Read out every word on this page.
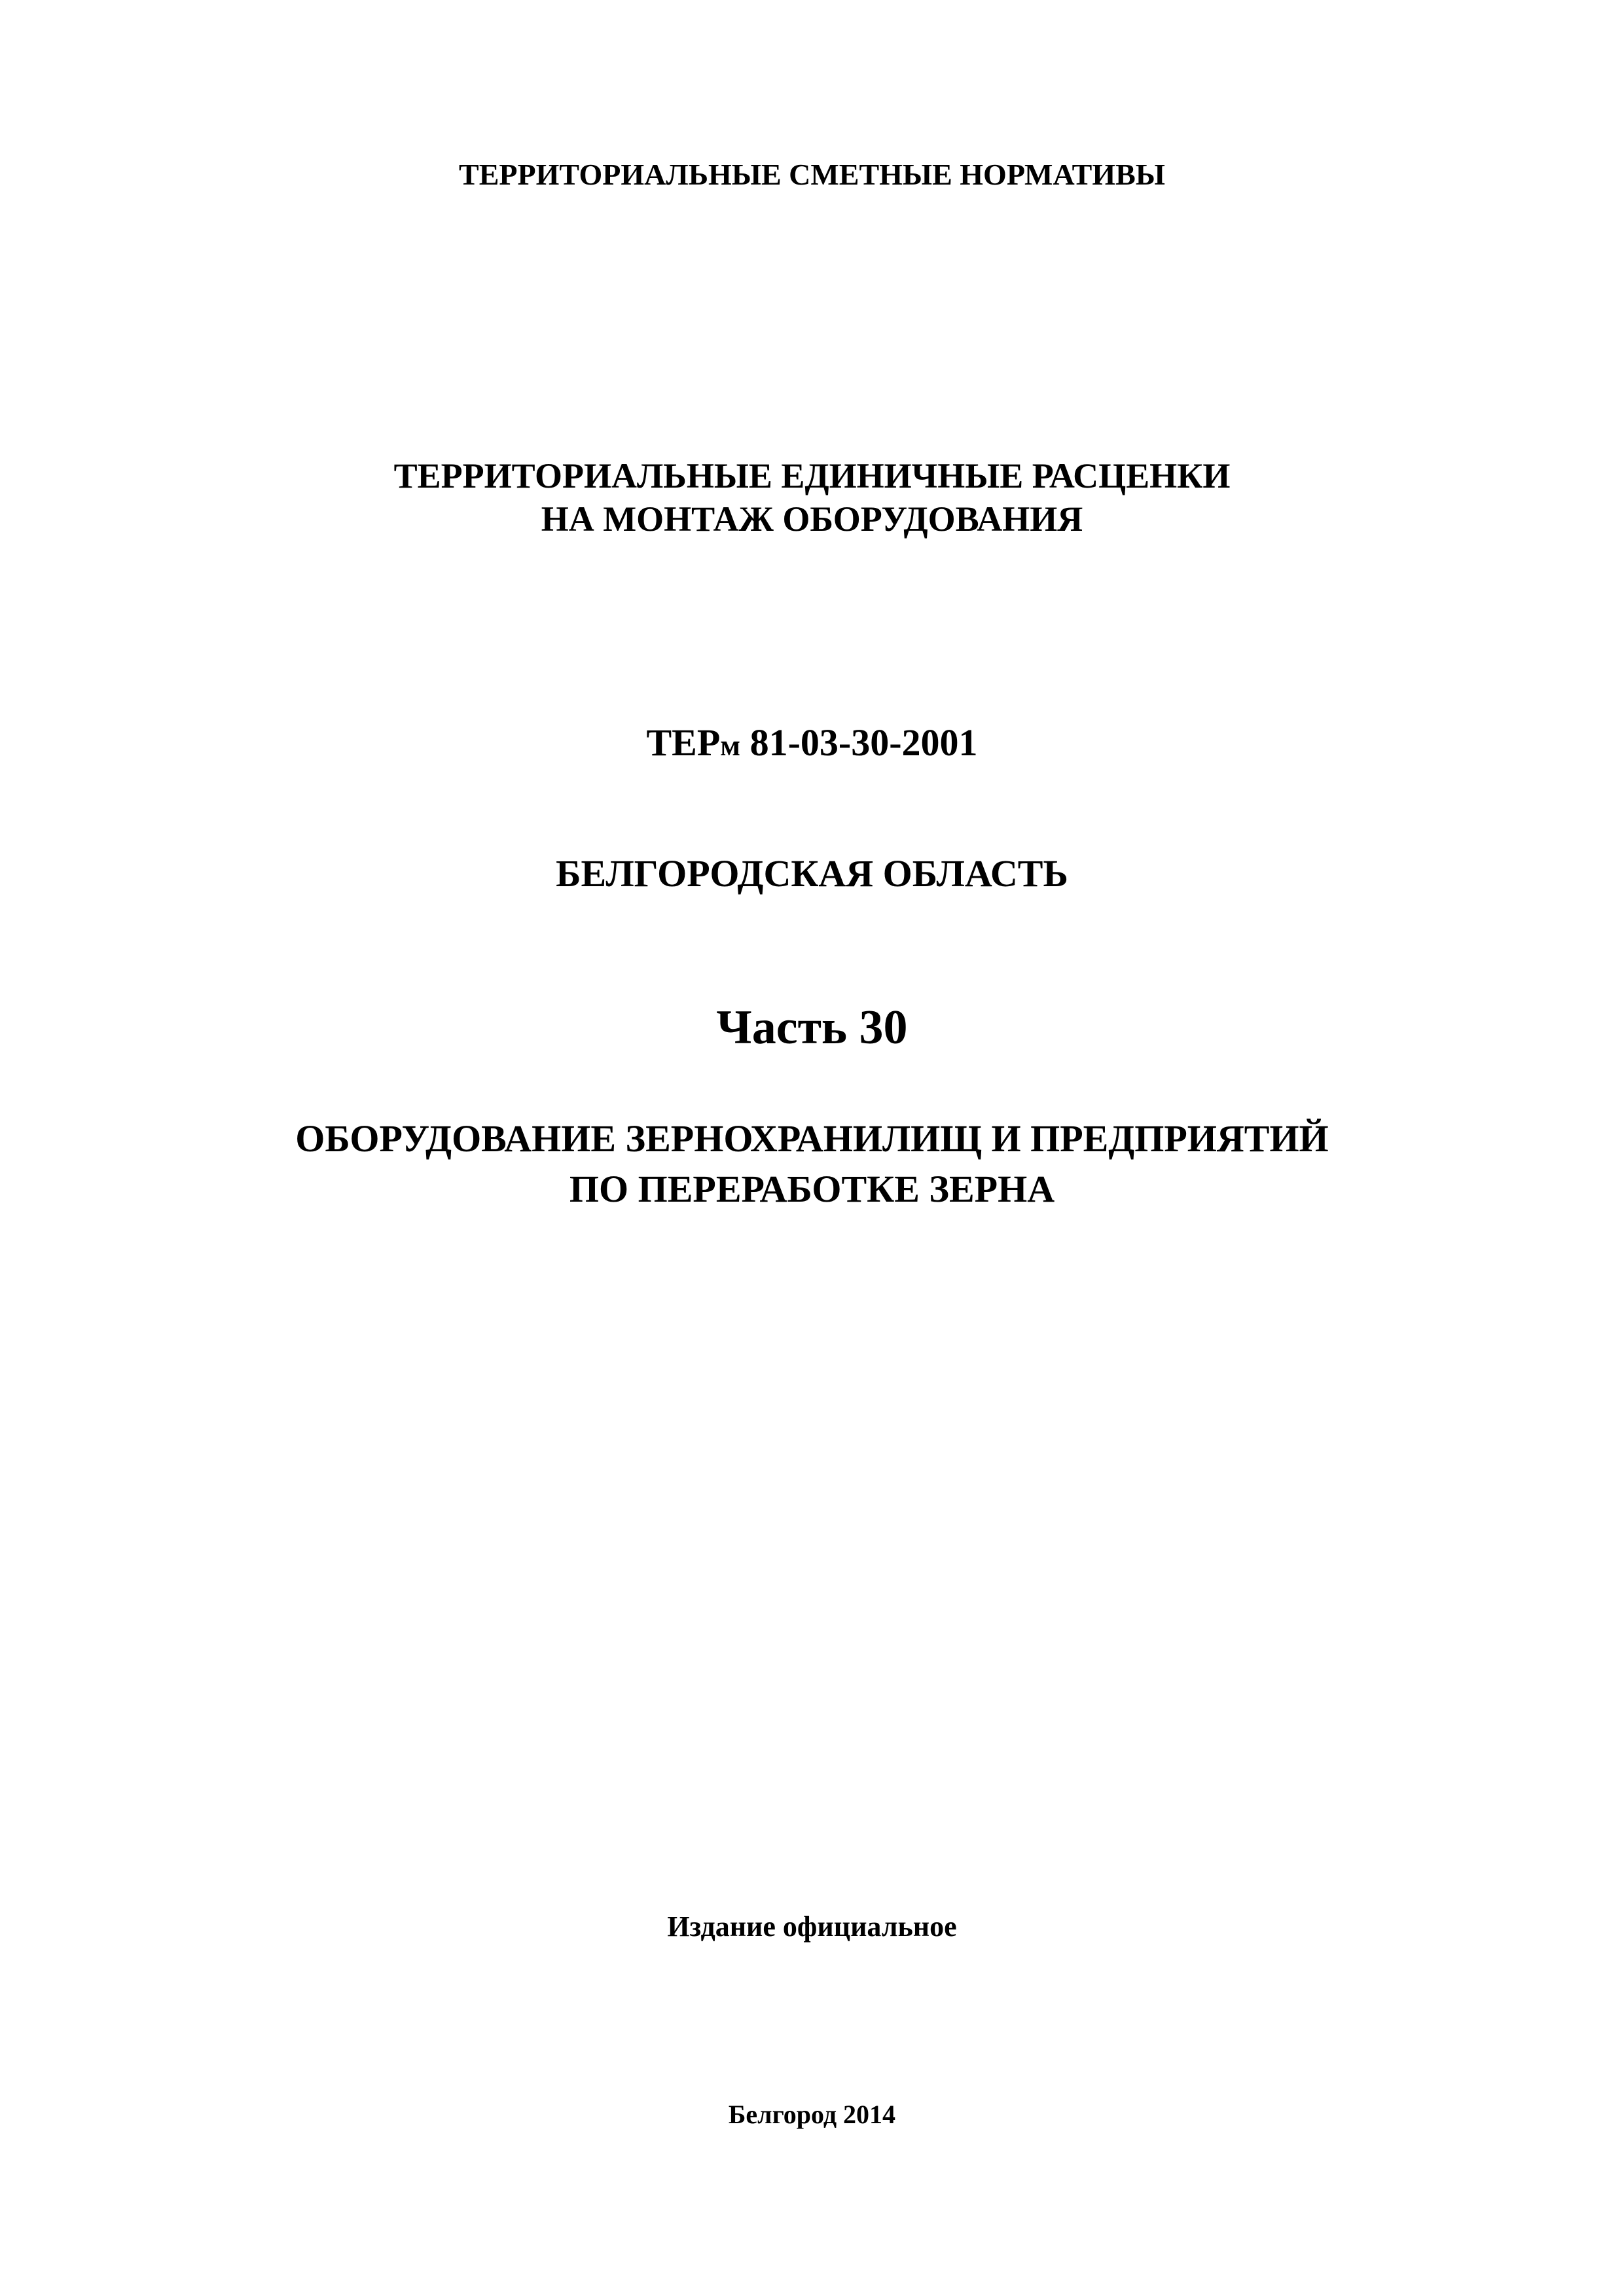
ТЕРРИТОРИАЛЬНЫЕ СМЕТНЫЕ НОРМАТИВЫ
ТЕРРИТОРИАЛЬНЫЕ ЕДИНИЧНЫЕ РАСЦЕНКИ
НА МОНТАЖ ОБОРУДОВАНИЯ
ТЕРм 81-03-30-2001
БЕЛГОРОДСКАЯ ОБЛАСТЬ
Часть 30
ОБОРУДОВАНИЕ ЗЕРНОХРАНИЛИЩ И ПРЕДПРИЯТИЙ
ПО ПЕРЕРАБОТКЕ ЗЕРНА
Издание официальное
Белгород 2014
